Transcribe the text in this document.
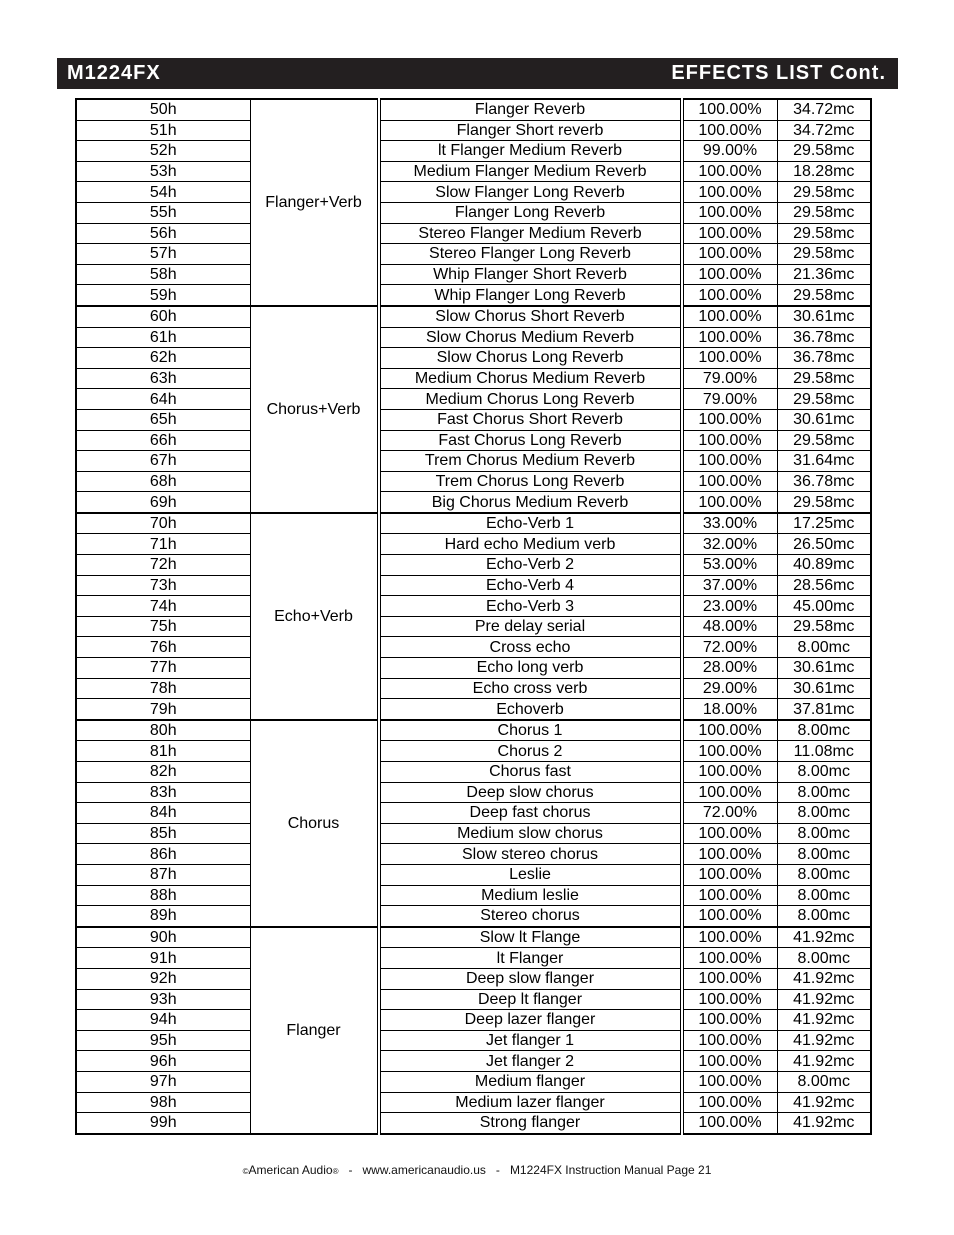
M1224FX	EFFECTS LIST Cont.
50h	Flanger+Verb		Flanger Reverb		100.00%	34.72mc
51h			Flanger Short reverb		100.00%	34.72mc
52h			lt Flanger Medium Reverb		99.00%	29.58mc
53h			Medium Flanger Medium Reverb		100.00%	18.28mc
54h			Slow Flanger Long Reverb		100.00%	29.58mc
55h			Flanger Long Reverb		100.00%	29.58mc
56h			Stereo Flanger Medium Reverb		100.00%	29.58mc
57h			Stereo Flanger Long Reverb		100.00%	29.58mc
58h			Whip Flanger Short Reverb		100.00%	21.36mc
59h			Whip Flanger Long Reverb		100.00%	29.58mc
60h	Chorus+Verb		Slow Chorus Short Reverb		100.00%	30.61mc
61h			Slow Chorus Medium Reverb		100.00%	36.78mc
62h			Slow Chorus Long Reverb		100.00%	36.78mc
63h			Medium Chorus Medium Reverb		79.00%	29.58mc
64h			Medium Chorus Long Reverb		79.00%	29.58mc
65h			Fast Chorus Short Reverb		100.00%	30.61mc
66h			Fast Chorus Long Reverb		100.00%	29.58mc
67h			Trem Chorus Medium Reverb		100.00%	31.64mc
68h			Trem Chorus Long Reverb		100.00%	36.78mc
69h			Big Chorus Medium Reverb		100.00%	29.58mc
70h	Echo+Verb		Echo-Verb 1		33.00%	17.25mc
71h			Hard echo Medium verb		32.00%	26.50mc
72h			Echo-Verb 2		53.00%	40.89mc
73h			Echo-Verb 4		37.00%	28.56mc
74h			Echo-Verb 3		23.00%	45.00mc
75h			Pre delay serial		48.00%	29.58mc
76h			Cross echo		72.00%	8.00mc
77h			Echo long verb		28.00%	30.61mc
78h			Echo cross verb		29.00%	30.61mc
79h			Echoverb		18.00%	37.81mc
80h	Chorus		Chorus 1		100.00%	8.00mc
81h			Chorus 2		100.00%	11.08mc
82h			Chorus fast		100.00%	8.00mc
83h			Deep slow chorus		100.00%	8.00mc
84h			Deep fast chorus		72.00%	8.00mc
85h			Medium slow chorus		100.00%	8.00mc
86h			Slow stereo chorus		100.00%	8.00mc
87h			Leslie		100.00%	8.00mc
88h			Medium leslie		100.00%	8.00mc
89h			Stereo chorus		100.00%	8.00mc
90h	Flanger		Slow lt Flange		100.00%	41.92mc
91h			lt Flanger		100.00%	8.00mc
92h			Deep slow flanger		100.00%	41.92mc
93h			Deep lt flanger		100.00%	41.92mc
94h			Deep lazer flanger		100.00%	41.92mc
95h			Jet flanger 1		100.00%	41.92mc
96h			Jet flanger 2		100.00%	41.92mc
97h			Medium flanger		100.00%	8.00mc
98h			Medium lazer flanger		100.00%	41.92mc
99h			Strong flanger		100.00%	41.92mc
©American Audio® - www.americanaudio.us - M1224FX Instruction Manual Page 21
